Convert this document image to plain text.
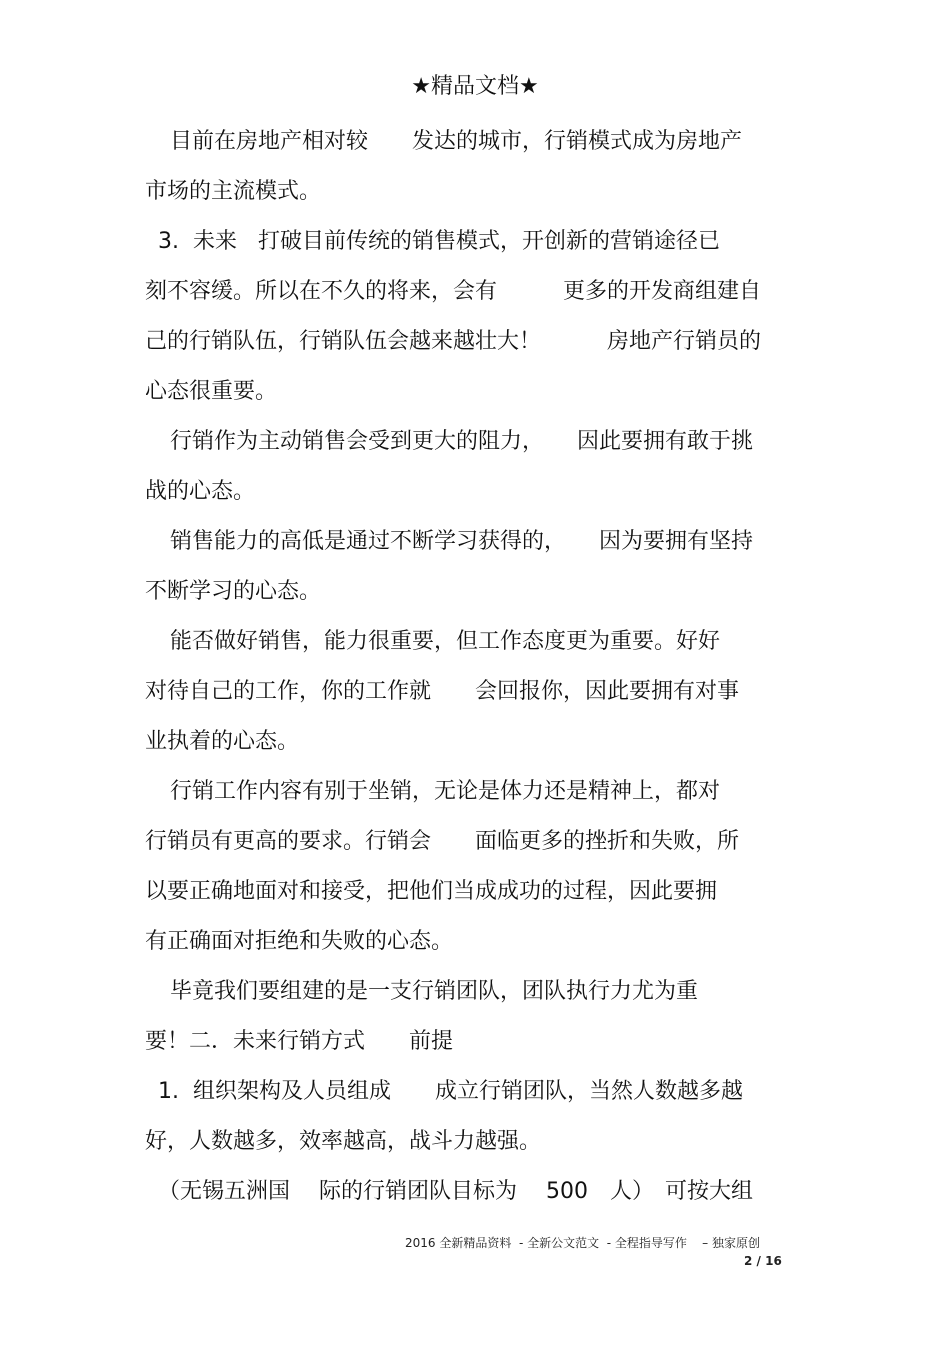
★精品文档★
目前在房地产相对较　　发达的城市，行销模式成为房地产
市场的主流模式。
3.  未来   打破目前传统的销售模式，开创新的营销途径已
刻不容缓。所以在不久的将来，会有　　　更多的开发商组建自
己的行销队伍，行销队伍会越来越壮大！　　　房地产行销员的
心态很重要。
行销作为主动销售会受到更大的阻力，　　因此要拥有敢于挑
战的心态。
销售能力的高低是通过不断学习获得的，　　因为要拥有坚持
不断学习的心态。
能否做好销售，能力很重要，但工作态度更为重要。好好
对待自己的工作，你的工作就　　会回报你，因此要拥有对事
业执着的心态。
行销工作内容有别于坐销，无论是体力还是精神上，都对
行销员有更高的要求。行销会　　面临更多的挫折和失败，所
以要正确地面对和接受，把他们当成成功的过程，因此要拥
有正确面对拒绝和失败的心态。
毕竟我们要组建的是一支行销团队，团队执行力尤为重
要！二．未来行销方式　　前提
1.  组织架构及人员组成　　成立行销团队，当然人数越多越
好，人数越多，效率越高，战斗力越强。
（无锡五洲国　 际的行销团队目标为　 500　人）　可按大组
2016 全新精品资料  - 全新公文范文  - 全程指导写作    – 独家原创
2 / 16
